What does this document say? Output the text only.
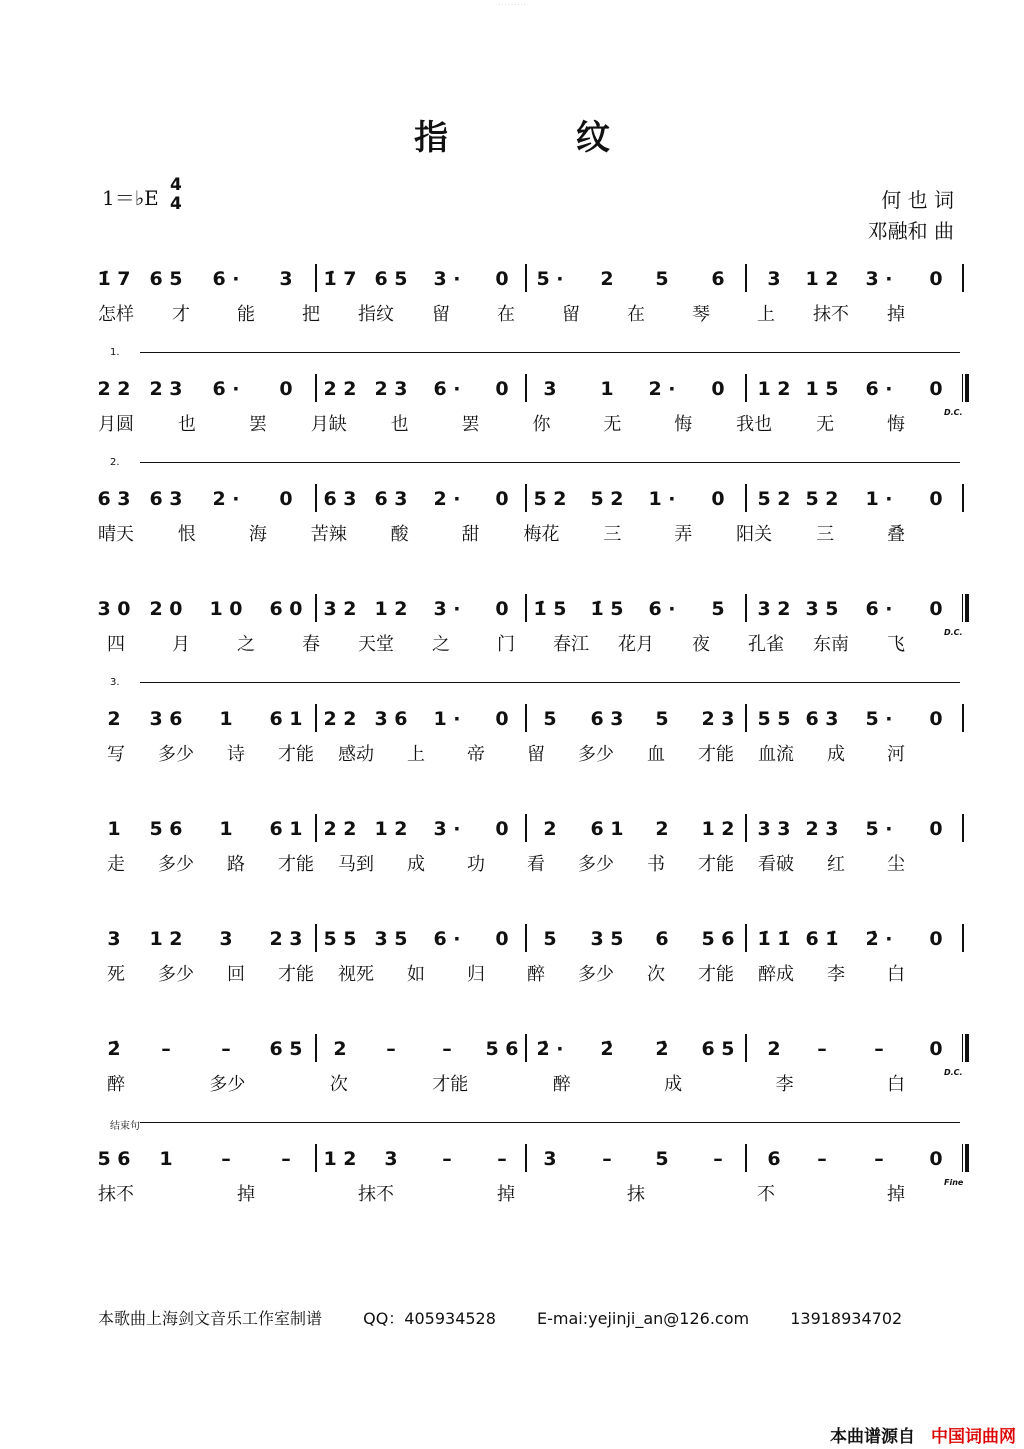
· · · · · · · · ·
指 纹
1＝♭E
4
4	何 也 词
邓融和 曲
1̇ 7 6 5 6 · 3 1̇ 7 6 5 3 · 0 5 · 2 5 6 3 1 2 3 · 0
怎样 才	能	把 指纹 留	在	留	在	琴	上 抹不 掉
1.
2 2 2 3 6 · 0 2 2 2 3 6 · 0 3 1 2 · 0 1 2 1 5 6 · 0
D.C.
月圆 也	罢 月缺 也	罢	你	无	悔 我也 无	悔
2.
6 3 6 3 2 · 0 6 3 6 3 2 · 0 5 2 5 2 1 · 0 5 2 5 2 1 · 0
晴天 恨	海 苦辣 酸	甜 梅花 三	弄 阳关 三	叠
3 0 2 0 1 0 6 0 3 2 1 2 3 · 0 1̇ 5 1̇ 5 6 · 5 3 2 3 5 6 · 0
D.C.
四	月	之	春 天堂 之	门 春江 花月 夜 孔雀 东南 飞
3.
2 3 6 1 6 1 2 2 3 6 1 · 0 5 6 3 5 2 3 5 5 6 3 5 · 0
写 多少 诗 才能 感动 上 帝 留 多少 血 才能 血流 成 河
1 5 6 1 6 1 2 2 1 2 3 · 0 2 6 1 2 1 2 3 3 2 3 5 · 0
走 多少 路 才能 马到 成 功 看 多少 书 才能 看破 红 尘
3 1 2 3 2 3 5 5 3 5 6 · 0 5 3 5 6 5 6 1̇ 1̇ 6 1̇ 2̇ · 0
死 多少 回 才能 视死 如 归 醉 多少 次 才能 醉成 李 白
2̇ –	– 6 5 2 – – 5 6 2̇ · 2̇ 2̇ 6 5 2 –	– 0
D.C.
醉	多少	次	才能	醉	成	李	白
结束句
5 6 1	–	– 1 2 3 – – 3 – 5 – 6 –	– 0
Fine
抹不	掉	抹不	掉	抹	不	掉
本歌曲上海剑文音乐工作室制谱	QQ：405934528	E-mai:yejinji_an@126.com	13918934702
本曲谱源自 中国词曲网
